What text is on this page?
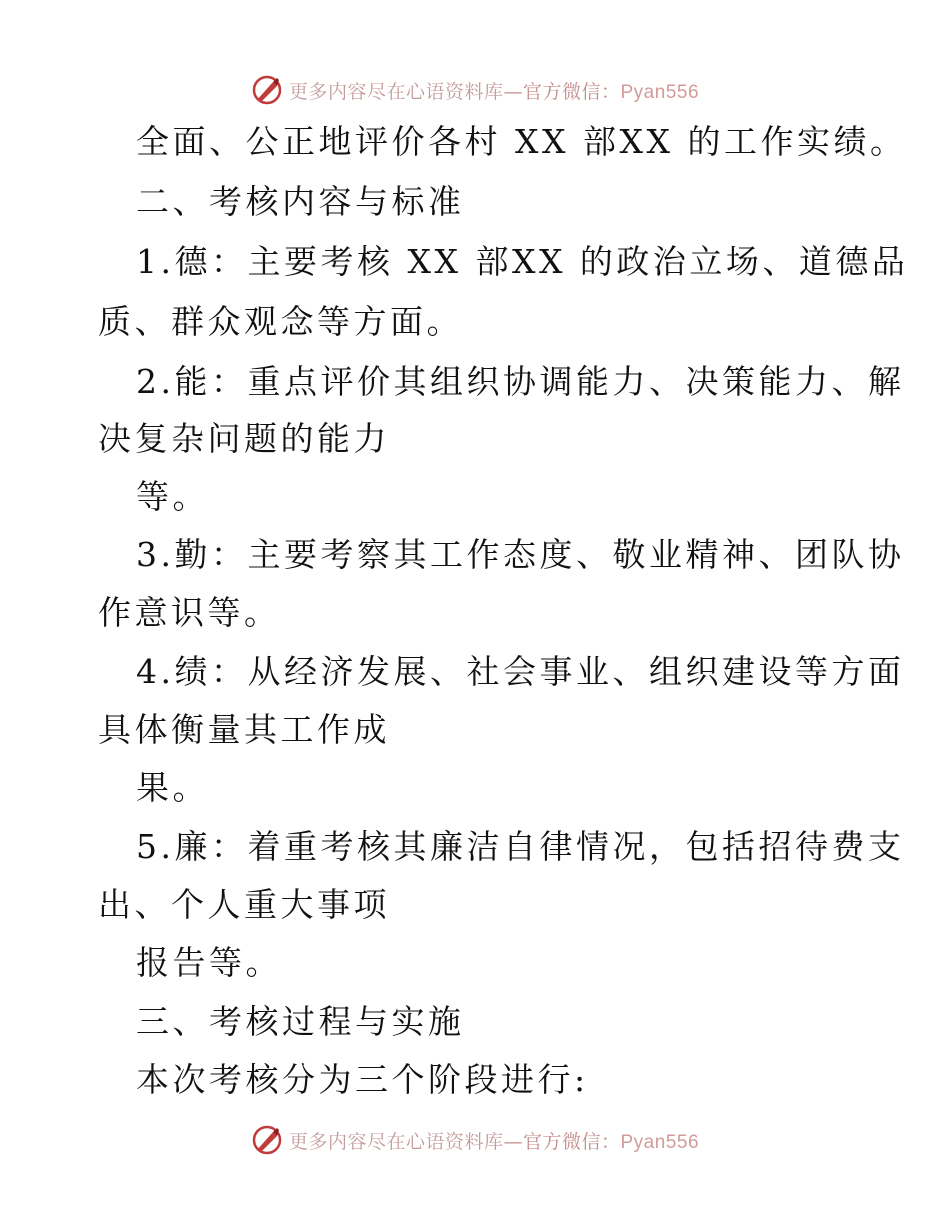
更多内容尽在心语资料库—官方微信：Pyan556
全面、公正地评价各村 XX 部XX 的工作实绩。
二、考核内容与标准
1.德：主要考核 XX 部XX 的政治立场、道德品
质、群众观念等方面。
2.能：重点评价其组织协调能力、决策能力、解
决复杂问题的能力
等。
3.勤：主要考察其工作态度、敬业精神、团队协
作意识等。
4.绩：从经济发展、社会事业、组织建设等方面
具体衡量其工作成
果。
5.廉：着重考核其廉洁自律情况，包括招待费支
出、个人重大事项
报告等。
三、考核过程与实施
本次考核分为三个阶段进行:
更多内容尽在心语资料库—官方微信：Pyan556
